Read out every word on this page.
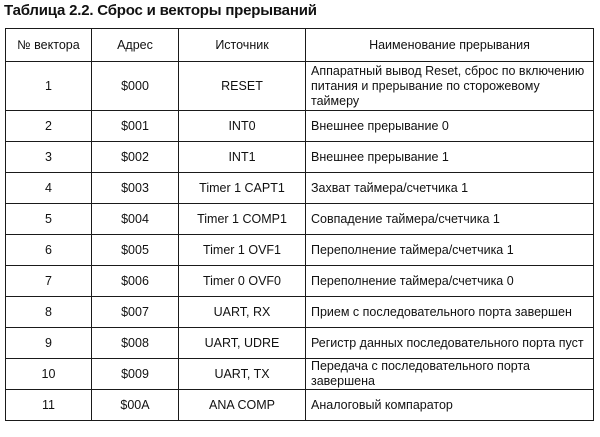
Таблица 2.2. Сброс и векторы прерываний
№ вектора	Адрес	Источник	Наименование прерывания
1	$000	RESET	Аппаратный вывод Reset, сброс по включению питания и прерывание по сторожевому таймеру
2	$001	INT0	Внешнее прерывание 0
3	$002	INT1	Внешнее прерывание 1
4	$003	Timer 1 CAPT1	Захват таймера/счетчика 1
5	$004	Timer 1 COMP1	Совпадение таймера/счетчика 1
6	$005	Timer 1 OVF1	Переполнение таймера/счетчика 1
7	$006	Timer 0 OVF0	Переполнение таймера/счетчика 0
8	$007	UART, RX	Прием с последовательного порта завершен
9	$008	UART, UDRE	Регистр данных последовательного порта пуст
10	$009	UART, TX	Передача с последовательного порта завершена
11	$00A	ANA COMP	Аналоговый компаратор
